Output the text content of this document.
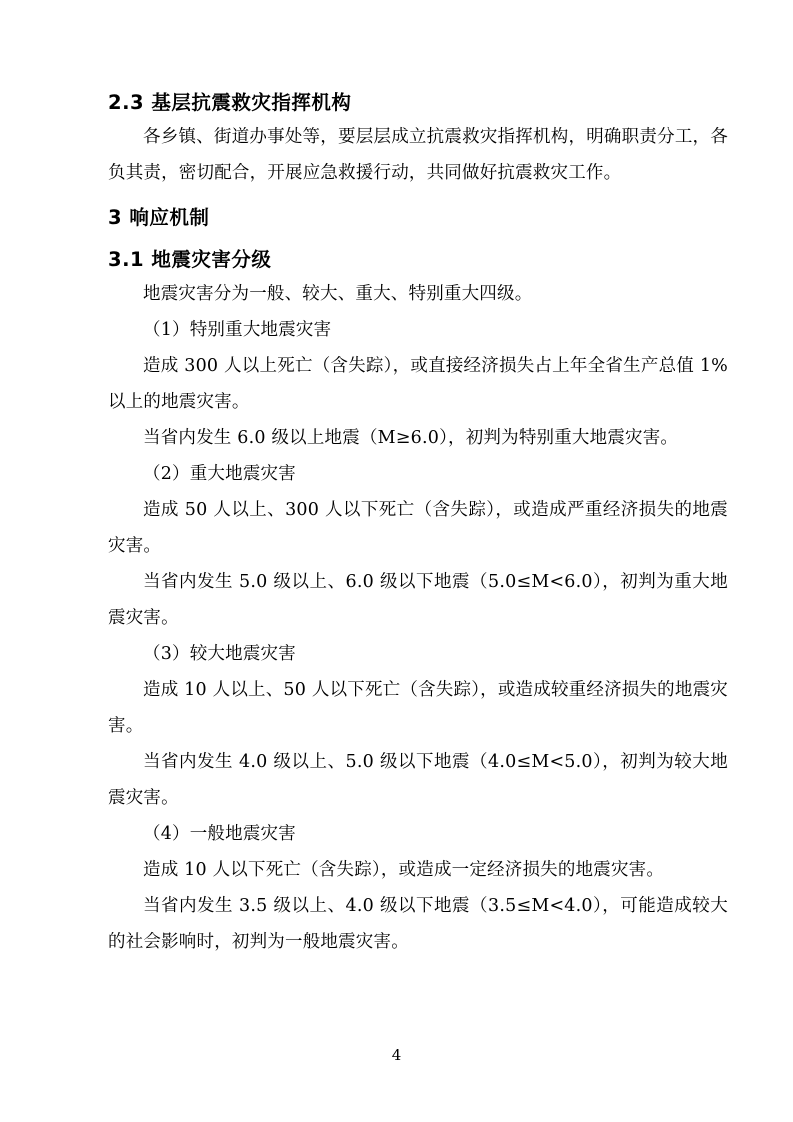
2.3 基层抗震救灾指挥机构

各乡镇、街道办事处等，要层层成立抗震救灾指挥机构，明确职责分工，各负其责，密切配合，开展应急救援行动，共同做好抗震救灾工作。

3 响应机制
3.1 地震灾害分级

地震灾害分为一般、较大、重大、特别重大四级。

（1）特别重大地震灾害

造成 300 人以上死亡（含失踪），或直接经济损失占上年全省生产总值 1%以上的地震灾害。

当省内发生 6.0 级以上地震（M≥6.0），初判为特别重大地震灾害。

（2）重大地震灾害

造成 50 人以上、300 人以下死亡（含失踪），或造成严重经济损失的地震灾害。

当省内发生 5.0 级以上、6.0 级以下地震（5.0≤M<6.0），初判为重大地震灾害。

（3）较大地震灾害

造成 10 人以上、50 人以下死亡（含失踪），或造成较重经济损失的地震灾害。

当省内发生 4.0 级以上、5.0 级以下地震（4.0≤M<5.0），初判为较大地震灾害。

（4）一般地震灾害

造成 10 人以下死亡（含失踪），或造成一定经济损失的地震灾害。

当省内发生 3.5 级以上、4.0 级以下地震（3.5≤M<4.0），可能造成较大的社会影响时，初判为一般地震灾害。

4
